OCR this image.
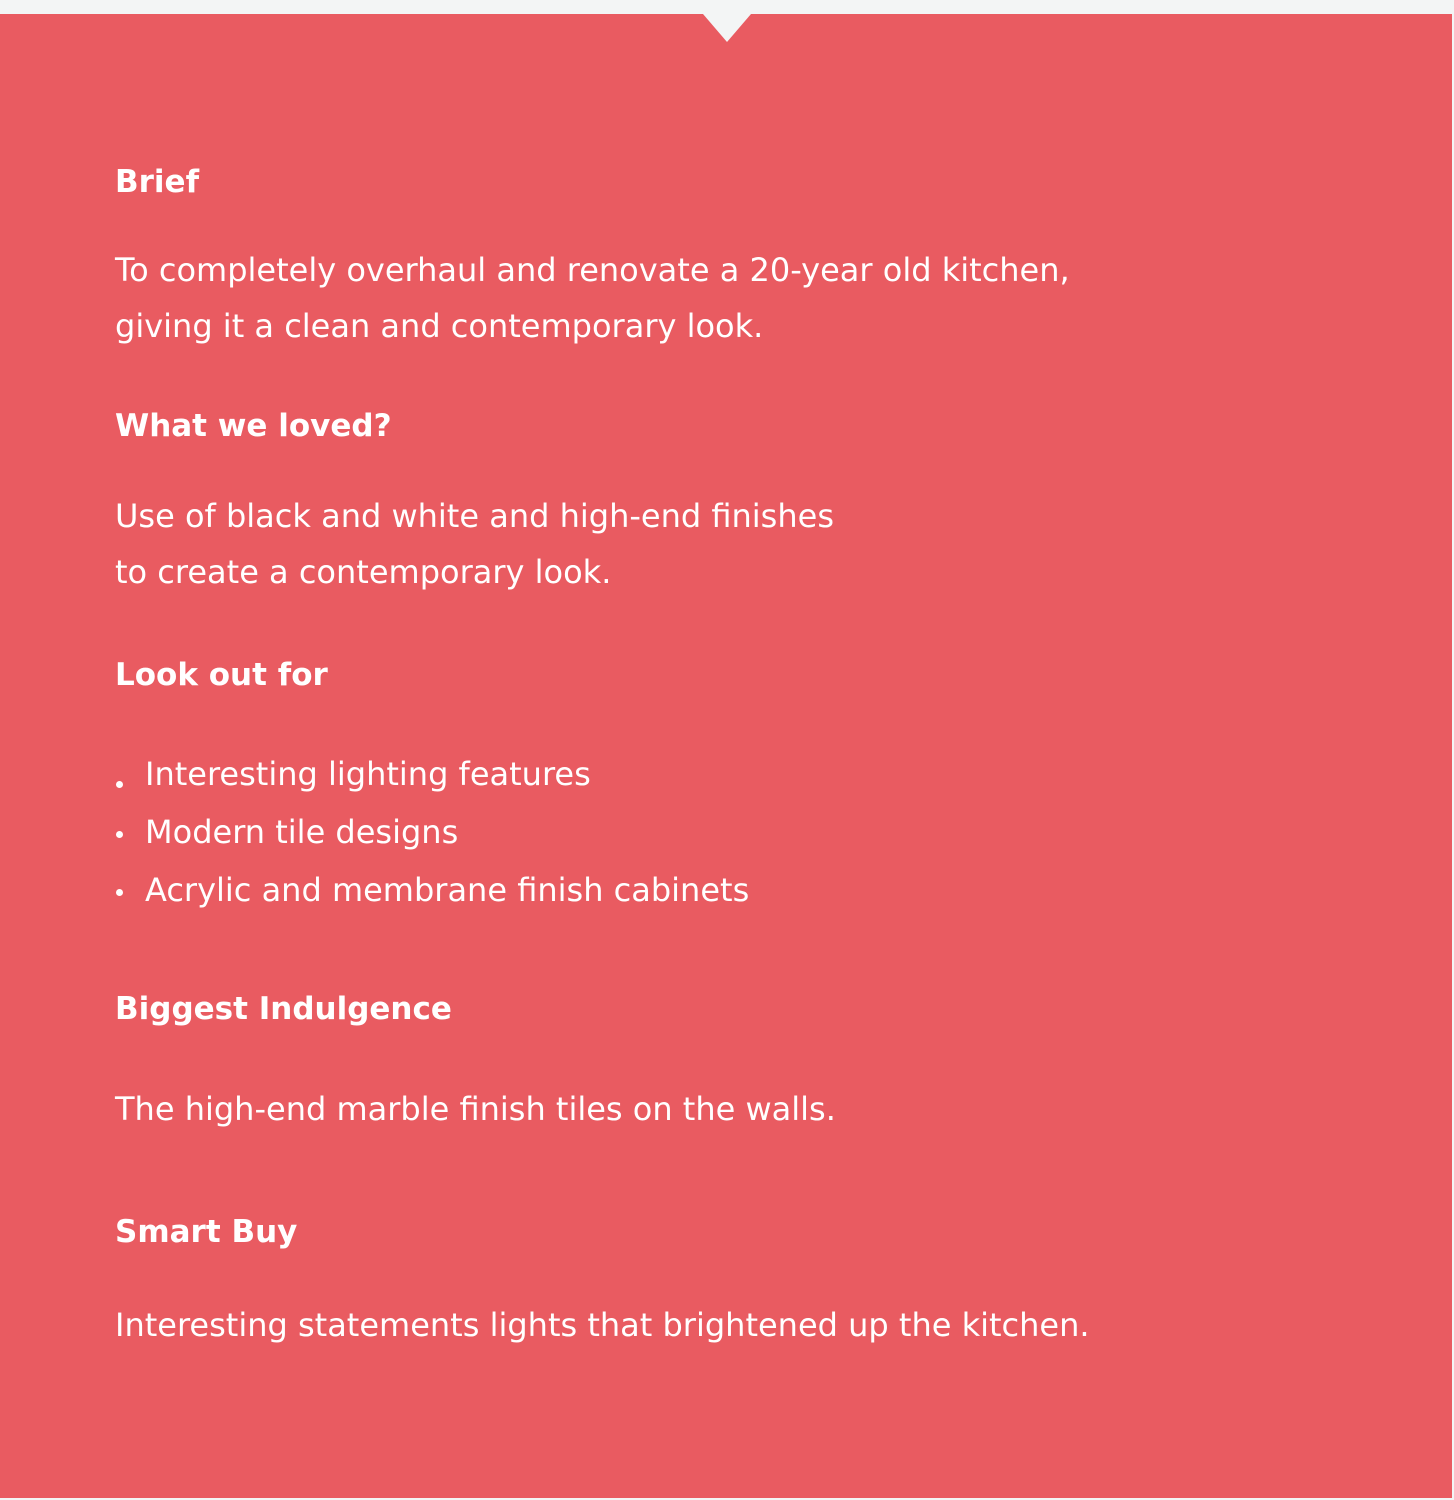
Brief

To completely overhaul and renovate a 20-year old kitchen,
giving it a clean and contemporary look.

What we loved?

Use of black and white and high-end finishes
to create a contemporary look.

Look out for
Interesting lighting features
Modern tile designs
Acrylic and membrane finish cabinets
Biggest Indulgence

The high-end marble finish tiles on the walls.

Smart Buy

Interesting statements lights that brightened up the kitchen.
